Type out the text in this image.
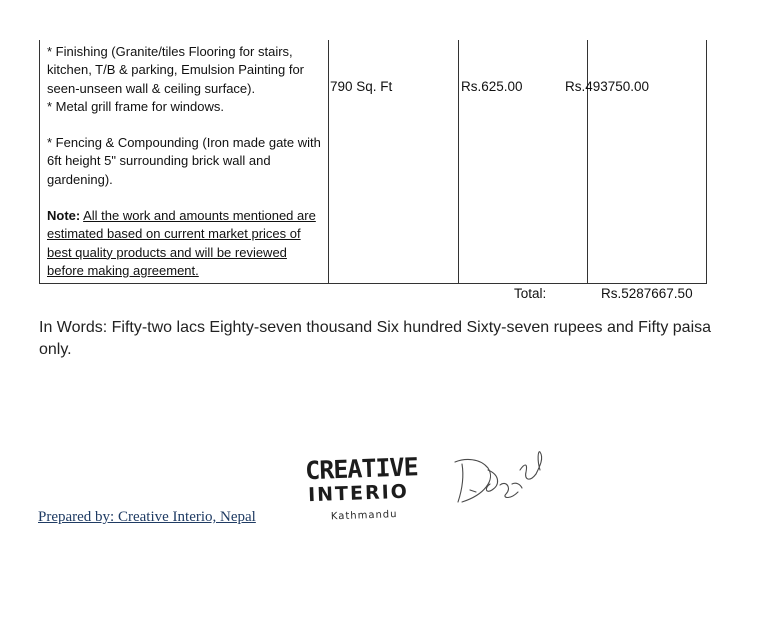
* Finishing (Granite/tiles Flooring for stairs, kitchen, T/B & parking, Emulsion Painting for seen-unseen wall & ceiling surface).

* Metal grill frame for windows.

* Fencing & Compounding (Iron made gate with 6ft height 5" surrounding brick wall and gardening).

Note: All the work and amounts mentioned are estimated based on current market prices of best quality products and will be reviewed before making agreement.

790 Sq. Ft	Rs.625.00	Rs.493750.00
Total:	Rs.5287667.50
In Words: Fifty-two lacs Eighty-seven thousand Six hundred Sixty-seven rupees and Fifty paisa only.
Prepared by: Creative Interio, Nepal
CREATIVE
INTERIO
Kathmandu
